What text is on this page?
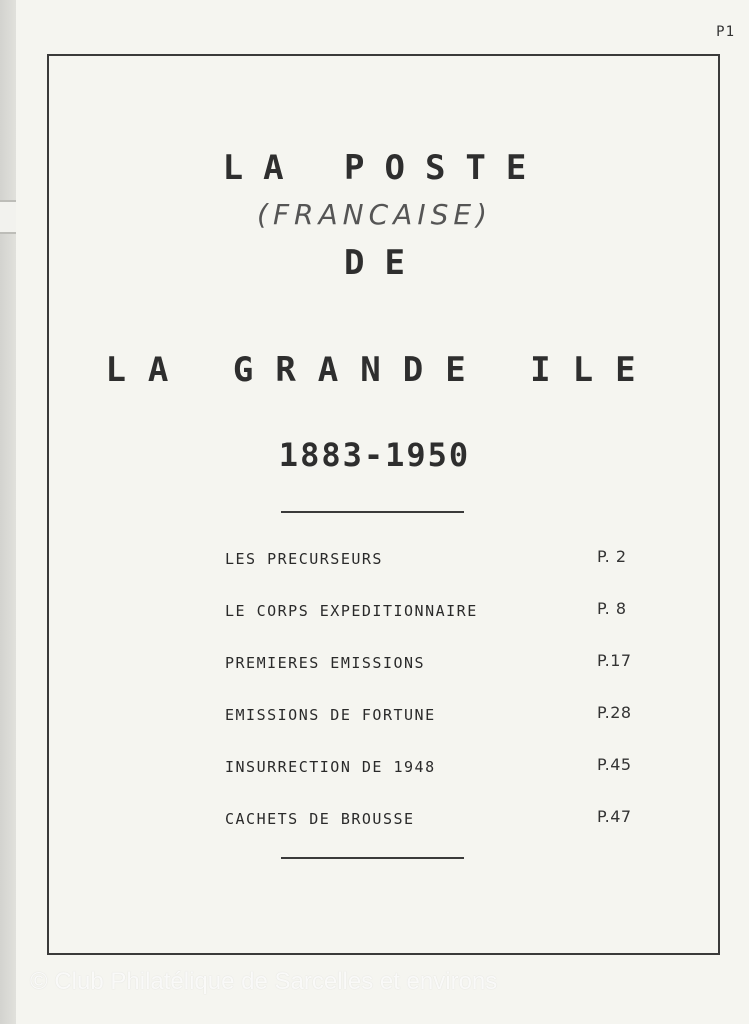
P1
LA POSTE
(FRANCAISE)
DE
LA GRANDE ILE
1883-1950
LES PRECURSEURS	P. 2
LE CORPS EXPEDITIONNAIRE	P. 8
PREMIERES EMISSIONS	P.17
EMISSIONS DE FORTUNE	P.28
INSURRECTION DE 1948	P.45
CACHETS DE BROUSSE	P.47
© Club Philatélique de Sarcelles et environs
